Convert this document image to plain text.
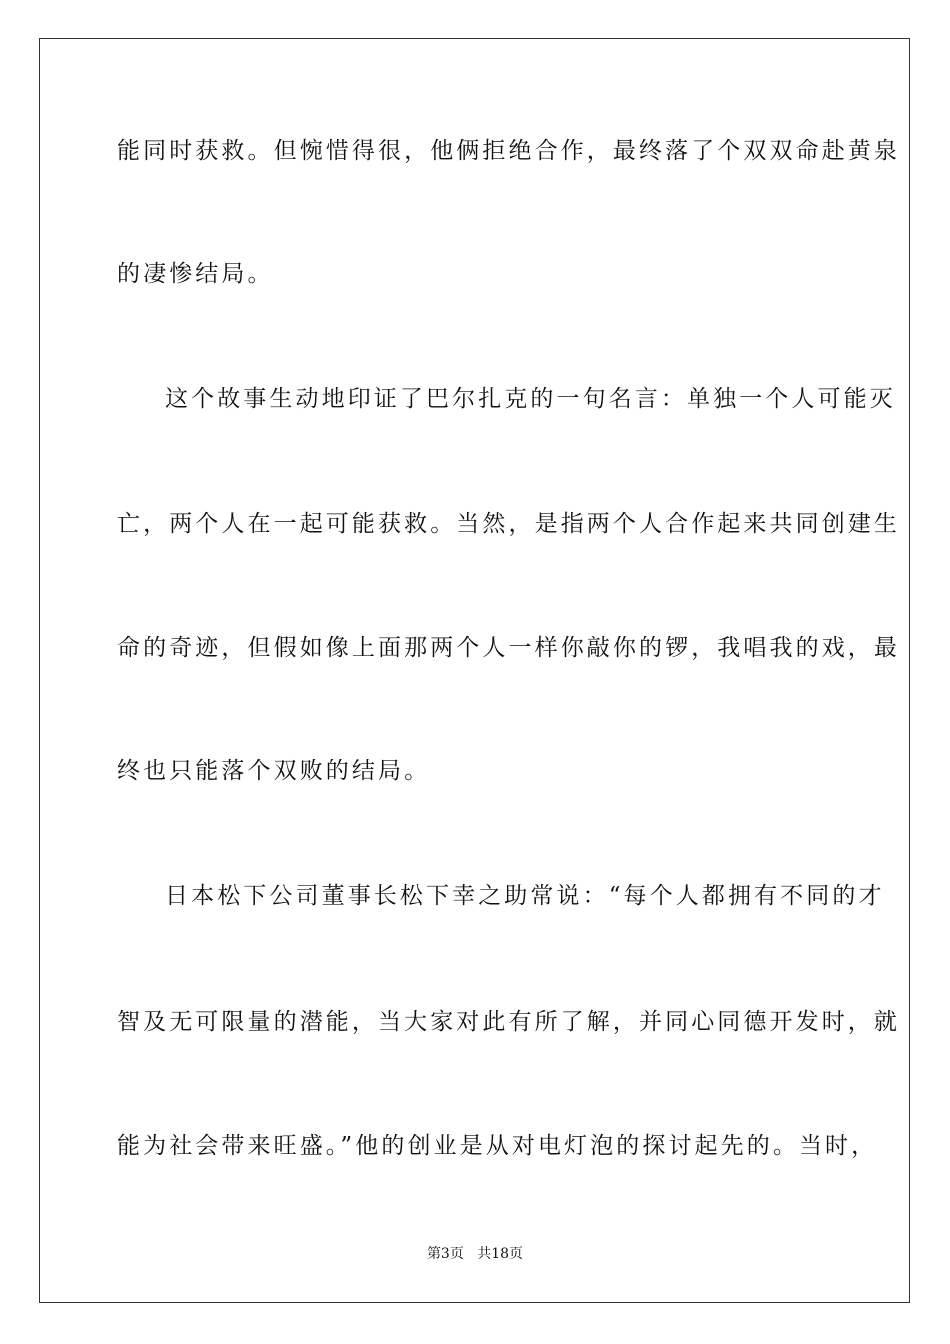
能同时获救。但惋惜得很，他俩拒绝合作，最终落了个双双命赴黄泉
的凄惨结局。
这个故事生动地印证了巴尔扎克的一句名言：单独一个人可能灭
亡，两个人在一起可能获救。当然，是指两个人合作起来共同创建生
命的奇迹，但假如像上面那两个人一样你敲你的锣，我唱我的戏，最
终也只能落个双败的结局。
日本松下公司董事长松下幸之助常说：“每个人都拥有不同的才
智及无可限量的潜能，当大家对此有所了解，并同心同德开发时，就
能为社会带来旺盛。”他的创业是从对电灯泡的探讨起先的。当时，
第3页 共18页
